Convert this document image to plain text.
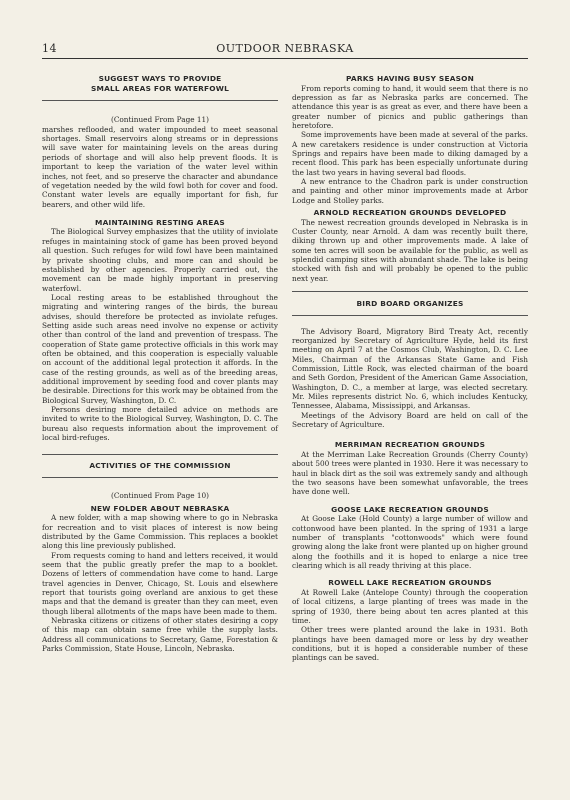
14	OUTDOOR NEBRASKA
SUGGEST WAYS TO PROVIDE
SMALL AREAS FOR WATERFOWL
(Continued From Page 11)

marshes reflooded, and water impounded to meet seasonal shortages. Small reservoirs along streams or in depressions will save water for maintaining levels on the areas during periods of shortage and will also help prevent floods. It is important to keep the variation of the water level within inches, not feet, and so preserve the character and abundance of vegetation needed by the wild fowl both for cover and food. Constant water levels are equally important for fish, fur bearers, and other wild life.

MAINTAINING RESTING AREAS

The Biological Survey emphasizes that the utility of inviolate refuges in maintaining stock of game has been proved beyond all question. Such refuges for wild fowl have been maintained by private shooting clubs, and more can and should be established by other agencies. Properly carried out, the movement can be made highly important in preserving waterfowl.

Local resting areas to be established throughout the migrating and wintering ranges of the birds, the bureau advises, should therefore be protected as inviolate refuges. Setting aside such areas need involve no expense or activity other than control of the land and prevention of trespass. The cooperation of State game protective officials in this work may often be obtained, and this cooperation is especially valuable on account of the additional legal protection it affords. In the case of the resting grounds, as well as of the breeding areas, additional improvement by seeding food and cover plants may be desirable. Directions for this work may be obtained from the Biological Survey, Washington, D. C.

Persons desiring more detailed advice on methods are invited to write to the Biological Survey, Washington, D. C. The bureau also requests information about the improvement of local bird-refuges.

ACTIVITIES OF THE COMMISSION
(Continued From Page 10)
NEW FOLDER ABOUT NEBRASKA

A new folder, with a map showing where to go in Nebraska for recreation and to visit places of interest is now being distributed by the Game Commission. This replaces a booklet along this line previously published.

From requests coming to hand and letters received, it would seem that the public greatly prefer the map to a booklet. Dozens of letters of commendation have come to hand. Large travel agencies in Denver, Chicago, St. Louis and elsewhere report that tourists going overland are anxious to get these maps and that the demand is greater than they can meet, even though liberal allotments of the maps have been made to them.

Nebraska citizens or citizens of other states desiring a copy of this map can obtain same free while the supply lasts. Address all communications to Secretary, Game, Forestation & Parks Commission, State House, Lincoln, Nebraska.

PARKS HAVING BUSY SEASON

From reports coming to hand, it would seem that there is no depression as far as Nebraska parks are concerned. The attendance this year is as great as ever, and there have been a greater number of picnics and public gatherings than heretofore.

Some improvements have been made at several of the parks. A new caretakers residence is under construction at Victoria Springs and repairs have been made to diking damaged by a recent flood. This park has been especially unfortunate during the last two years in having several bad floods.

A new entrance to the Chadron park is under construction and painting and other minor improvements made at Arbor Lodge and Stolley parks.

ARNOLD RECREATION GROUNDS DEVELOPED

The newest recreation grounds developed in Nebraska is in Custer County, near Arnold. A dam was recently built there, diking thrown up and other improvements made. A lake of some ten acres will soon be available for the public, as well as splendid camping sites with abundant shade. The lake is being stocked with fish and will probably be opened to the public next year.

BIRD BOARD ORGANIZES

The Advisory Board, Migratory Bird Treaty Act, recently reorganized by Secretary of Agriculture Hyde, held its first meeting on April 7 at the Cosmos Club, Washington, D. C. Lee Miles, Chairman of the Arkansas State Game and Fish Commission, Little Rock, was elected chairman of the board and Seth Gordon, President of the American Game Association, Washington, D. C., a member at large, was elected secretary. Mr. Miles represents district No. 6, which includes Kentucky, Tennessee, Alabama, Mississippi, and Arkansas.

Meetings of the Advisory Board are held on call of the Secretary of Agriculture.

MERRIMAN RECREATION GROUNDS

At the Merriman Lake Recreation Grounds (Cherry County) about 500 trees were planted in 1930. Here it was necessary to haul in black dirt as the soil was extremely sandy and although the two seasons have been somewhat unfavorable, the trees have done well.

GOOSE LAKE RECREATION GROUNDS

At Goose Lake (Hold County) a large number of willow and cottonwood have been planted. In the spring of 1931 a large number of transplants "cottonwoods" which were found growing along the lake front were planted up on higher ground along the foothills and it is hoped to enlarge a nice tree clearing which is all ready thriving at this place.

ROWELL LAKE RECREATION GROUNDS

At Rowell Lake (Antelope County) through the cooperation of local citizens, a large planting of trees was made in the spring of 1930, there being about ten acres planted at this time.

Other trees were planted around the lake in 1931. Both plantings have been damaged more or less by dry weather conditions, but it is hoped a considerable number of these plantings can be saved.
